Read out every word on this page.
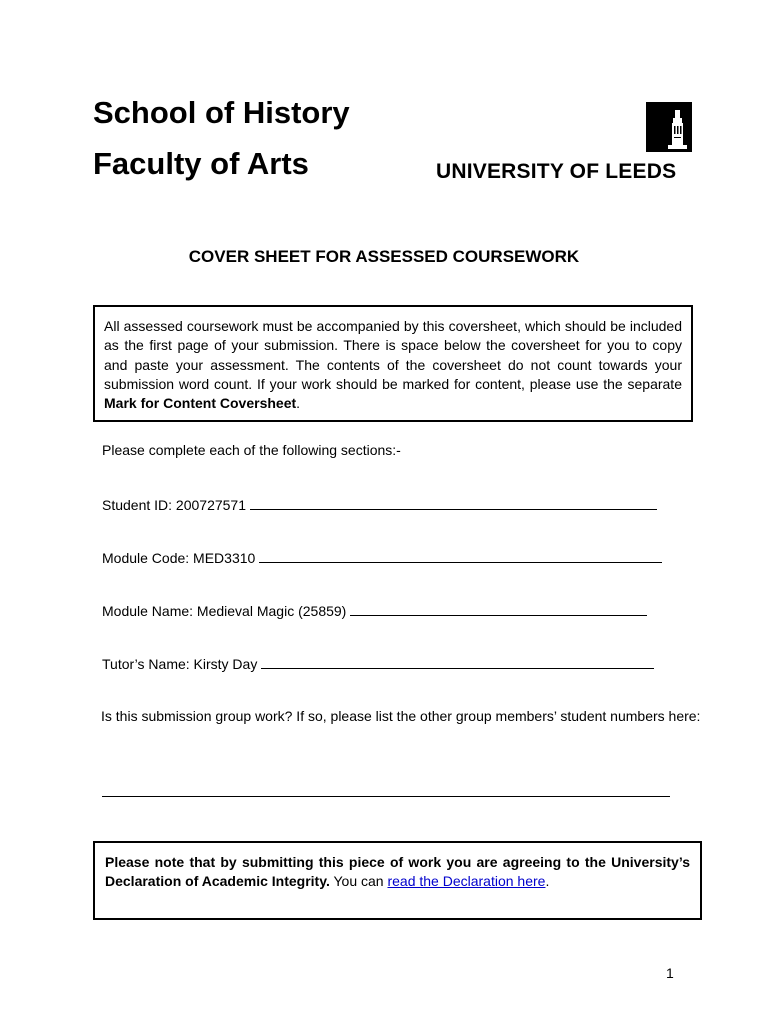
School of History
Faculty of Arts	UNIVERSITY OF LEEDS
COVER SHEET FOR ASSESSED COURSEWORK
All assessed coursework must be accompanied by this coversheet, which should be included as the first page of your submission. There is space below the coversheet for you to copy and paste your assessment. The contents of the coversheet do not count towards your submission word count. If your work should be marked for content, please use the separate Mark for Content Coversheet.
Please complete each of the following sections:-
Student ID: 200727571
Module Code: MED3310
Module Name: Medieval Magic (25859)
Tutor’s Name: Kirsty Day
Is this submission group work? If so, please list the other group members’ student numbers here:
Please note that by submitting this piece of work you are agreeing to the University’s Declaration of Academic Integrity. You can read the Declaration here.
1
